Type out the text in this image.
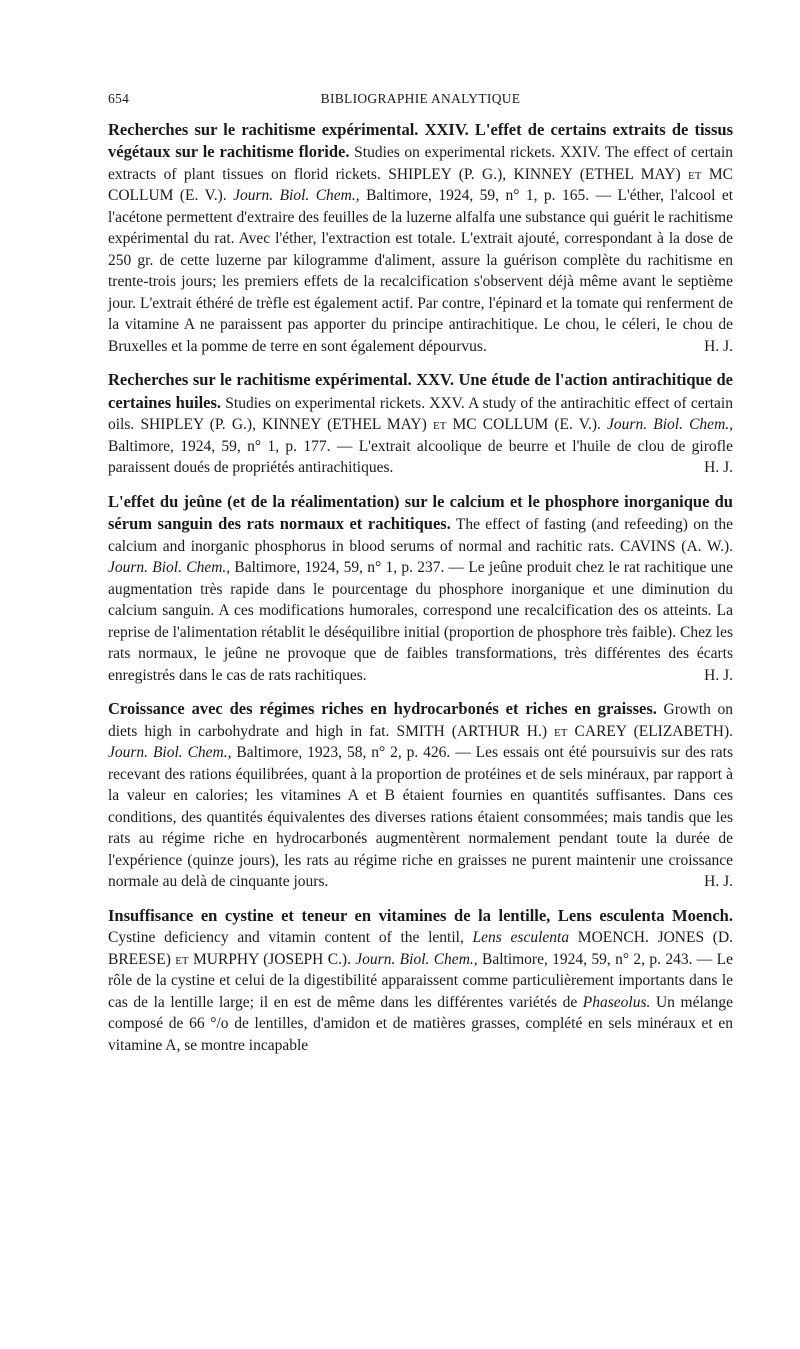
654	BIBLIOGRAPHIE ANALYTIQUE
Recherches sur le rachitisme expérimental. XXIV. L'effet de certains extraits de tissus végétaux sur le rachitisme floride. Studies on experimental rickets. XXIV. The effect of certain extracts of plant tissues on florid rickets. SHIPLEY (P. G.), KINNEY (ETHEL MAY) et MC COLLUM (E. V.). Journ. Biol. Chem., Baltimore, 1924, 59, n° 1, p. 165. — L'éther, l'alcool et l'acétone permettent d'extraire des feuilles de la luzerne alfalfa une substance qui guérit le rachitisme expérimental du rat. Avec l'éther, l'extraction est totale. L'extrait ajouté, correspondant à la dose de 250 gr. de cette luzerne par kilogramme d'aliment, assure la guérison complète du rachitisme en trente-trois jours; les premiers effets de la recalcification s'observent déjà même avant le septième jour. L'extrait éthéré de trèfle est également actif. Par contre, l'épinard et la tomate qui renferment de la vitamine A ne paraissent pas apporter du principe antirachitique. Le chou, le céleri, le chou de Bruxelles et la pomme de terre en sont également dépourvus.	H. J.
Recherches sur le rachitisme expérimental. XXV. Une étude de l'action antirachitique de certaines huiles. Studies on experimental rickets. XXV. A study of the antirachitic effect of certain oils. SHIPLEY (P. G.), KINNEY (ETHEL MAY) et MC COLLUM (E. V.). Journ. Biol. Chem., Baltimore, 1924, 59, n° 1, p. 177. — L'extrait alcoolique de beurre et l'huile de clou de girofle paraissent doués de propriétés antirachitiques.	H. J.
L'effet du jeûne (et de la réalimentation) sur le calcium et le phosphore inorganique du sérum sanguin des rats normaux et rachitiques. The effect of fasting (and refeeding) on the calcium and inorganic phosphorus in blood serums of normal and rachitic rats. CAVINS (A. W.). Journ. Biol. Chem., Baltimore, 1924, 59, n° 1, p. 237. — Le jeûne produit chez le rat rachitique une augmentation très rapide dans le pourcentage du phosphore inorganique et une diminution du calcium sanguin. A ces modifications humorales, correspond une recalcification des os atteints. La reprise de l'alimentation rétablit le déséquilibre initial (proportion de phosphore très faible). Chez les rats normaux, le jeûne ne provoque que de faibles transformations, très différentes des écarts enregistrés dans le cas de rats rachitiques.	H. J.
Croissance avec des régimes riches en hydrocarbonés et riches en graisses. Growth on diets high in carbohydrate and high in fat. SMITH (ARTHUR H.) et CAREY (ELIZABETH). Journ. Biol. Chem., Baltimore, 1923, 58, n° 2, p. 426. — Les essais ont été poursuivis sur des rats recevant des rations équilibrées, quant à la proportion de protéines et de sels minéraux, par rapport à la valeur en calories; les vitamines A et B étaient fournies en quantités suffisantes. Dans ces conditions, des quantités équivalentes des diverses rations étaient consommées; mais tandis que les rats au régime riche en hydrocarbonés augmentèrent normalement pendant toute la durée de l'expérience (quinze jours), les rats au régime riche en graisses ne purent maintenir une croissance normale au delà de cinquante jours.	H. J.
Insuffisance en cystine et teneur en vitamines de la lentille, Lens esculenta Moench. Cystine deficiency and vitamin content of the lentil, Lens esculenta MOENCH. JONES (D. BREESE) et MURPHY (JOSEPH C.). Journ. Biol. Chem., Baltimore, 1924, 59, n° 2, p. 243. — Le rôle de la cystine et celui de la digestibilité apparaissent comme particulièrement importants dans le cas de la lentille large; il en est de même dans les différentes variétés de Phaseolus. Un mélange composé de 66 °/o de lentilles, d'amidon et de matières grasses, complété en sels minéraux et en vitamine A, se montre incapable
